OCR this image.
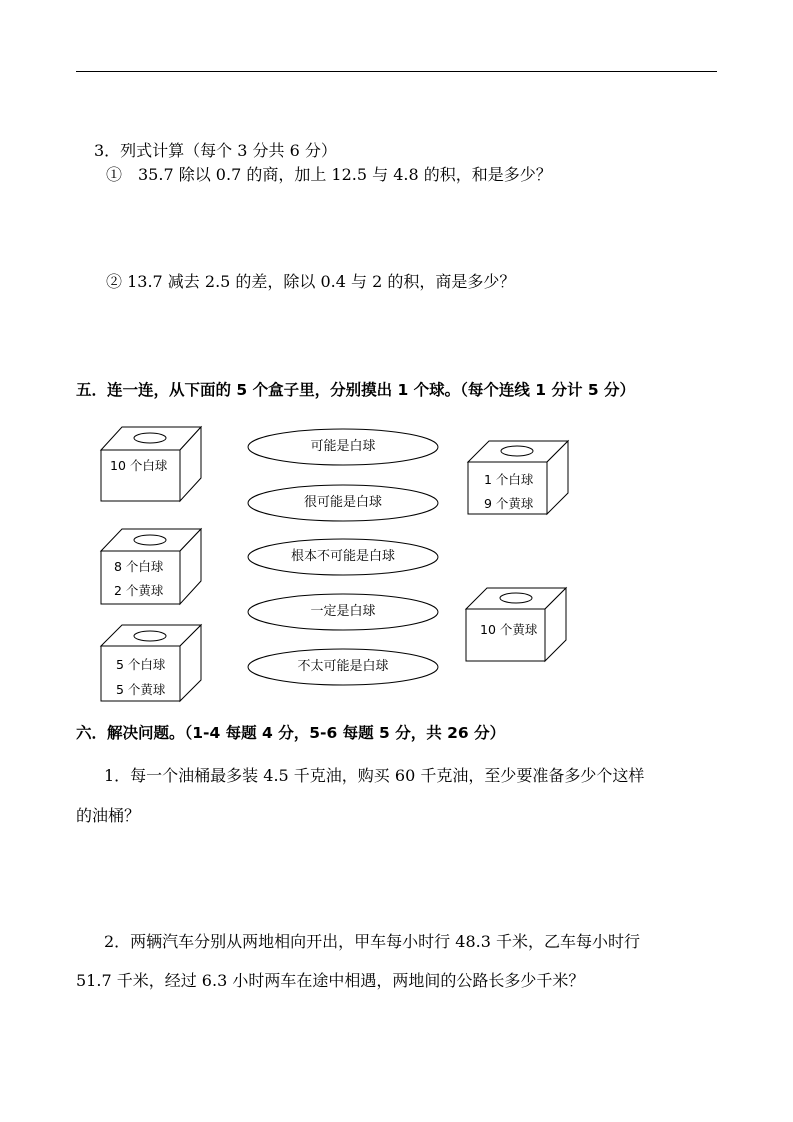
3．列式计算（每个 3 分共 6 分）
①　35.7 除以 0.7 的商，加上 12.5 与 4.8 的积，和是多少？
② 13.7 减去 2.5 的差，除以 0.4 与 2 的积，商是多少？
五．连一连，从下面的 5 个盒子里，分别摸出 1 个球。（每个连线 1 分计 5 分）
10 个白球
8 个白球
2 个黄球
5 个白球
5 个黄球
1 个白球
9 个黄球
10 个黄球
可能是白球
很可能是白球
根本不可能是白球
一定是白球
不太可能是白球
六．解决问题。（1-4 每题 4 分，5-6 每题 5 分，共 26 分）
1．每一个油桶最多装 4.5 千克油，购买 60 千克油，至少要准备多少个这样
的油桶？
2．两辆汽车分别从两地相向开出，甲车每小时行 48.3 千米，乙车每小时行
51.7 千米，经过 6.3 小时两车在途中相遇，两地间的公路长多少千米？
